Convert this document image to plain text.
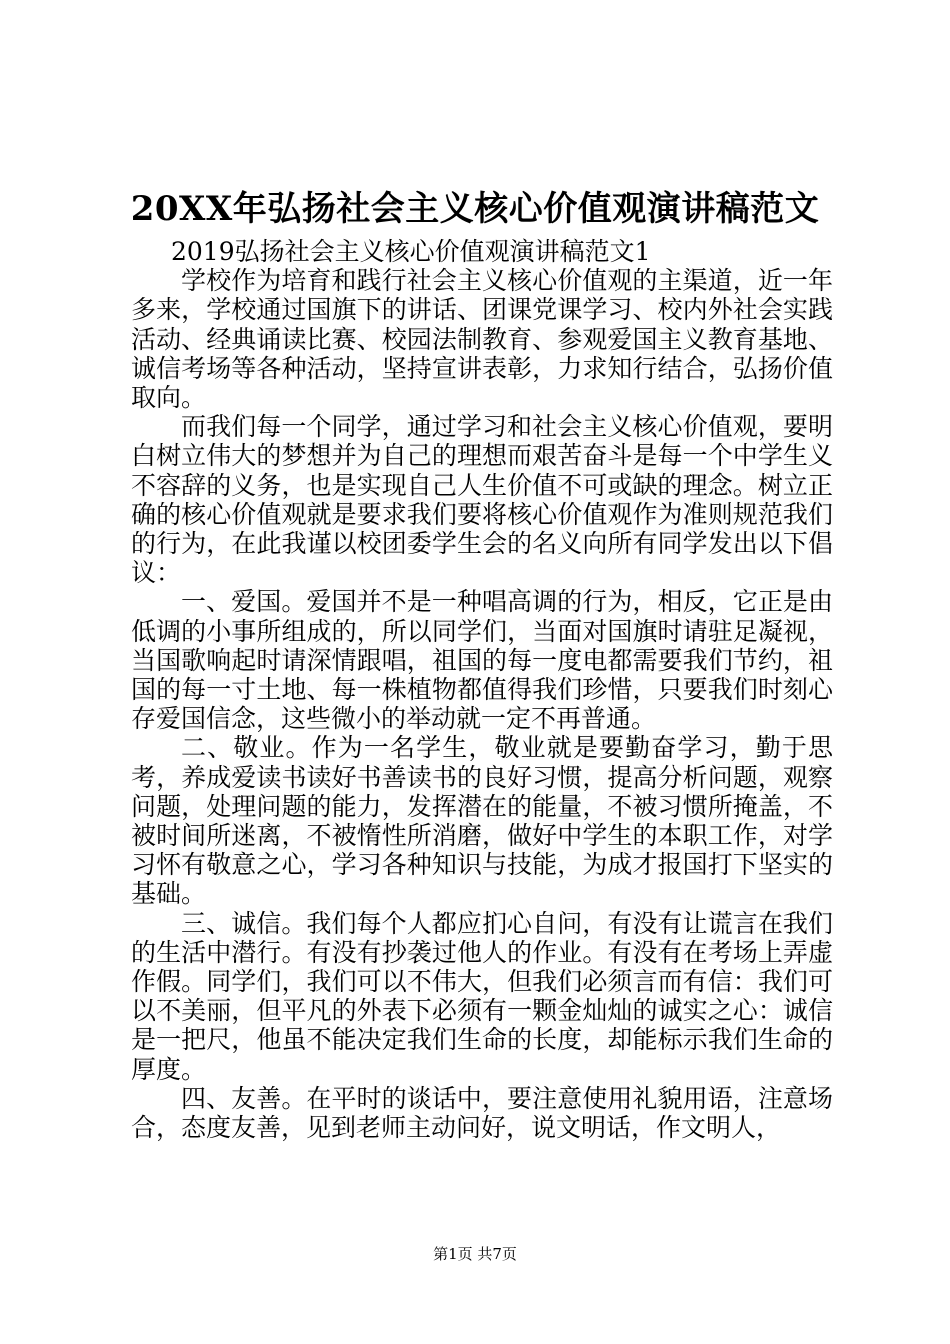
20XX年弘扬社会主义核心价值观演讲稿范文

2019弘扬社会主义核心价值观演讲稿范文1

学校作为培育和践行社会主义核心价值观的主渠道，近一年多来，学校通过国旗下的讲话、团课党课学习、校内外社会实践活动、经典诵读比赛、校园法制教育、参观爱国主义教育基地、诚信考场等各种活动，坚持宣讲表彰，力求知行结合，弘扬价值取向。

而我们每一个同学，通过学习和社会主义核心价值观，要明白树立伟大的梦想并为自己的理想而艰苦奋斗是每一个中学生义不容辞的义务，也是实现自己人生价值不可或缺的理念。树立正确的核心价值观就是要求我们要将核心价值观作为准则规范我们的行为，在此我谨以校团委学生会的名义向所有同学发出以下倡议：

一、爱国。爱国并不是一种唱高调的行为，相反，它正是由低调的小事所组成的，所以同学们，当面对国旗时请驻足凝视，当国歌响起时请深情跟唱，祖国的每一度电都需要我们节约，祖国的每一寸土地、每一株植物都值得我们珍惜，只要我们时刻心存爱国信念，这些微小的举动就一定不再普通。

二、敬业。作为一名学生，敬业就是要勤奋学习，勤于思考，养成爱读书读好书善读书的良好习惯，提高分析问题，观察问题，处理问题的能力，发挥潜在的能量，不被习惯所掩盖，不被时间所迷离，不被惰性所消磨，做好中学生的本职工作，对学习怀有敬意之心，学习各种知识与技能，为成才报国打下坚实的基础。

三、诚信。我们每个人都应扪心自问，有没有让谎言在我们的生活中潜行。有没有抄袭过他人的作业。有没有在考场上弄虚作假。同学们，我们可以不伟大，但我们必须言而有信：我们可以不美丽，但平凡的外表下必须有一颗金灿灿的诚实之心：诚信是一把尺，他虽不能决定我们生命的长度，却能标示我们生命的厚度。

四、友善。在平时的谈话中，要注意使用礼貌用语，注意场合，态度友善，见到老师主动问好，说文明话，作文明人，

第1页 共7页
